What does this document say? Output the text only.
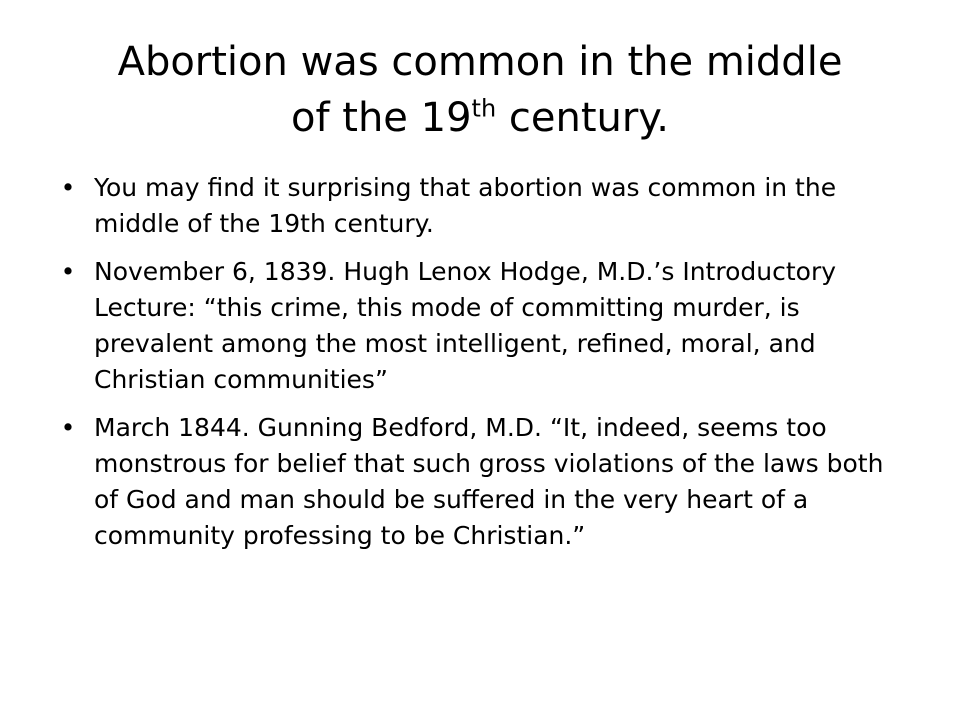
Abortion was common in the middle
of the 19th century.
• You may find it surprising that abortion was common in the middle of the 19th century.
• November 6, 1839. Hugh Lenox Hodge, M.D.’s Introductory Lecture: “this crime, this mode of committing murder, is prevalent among the most intelligent, refined, moral, and Christian communities”
• March 1844. Gunning Bedford, M.D. “It, indeed, seems too monstrous for belief that such gross violations of the laws both of God and man should be suffered in the very heart of a community professing to be Christian.”
